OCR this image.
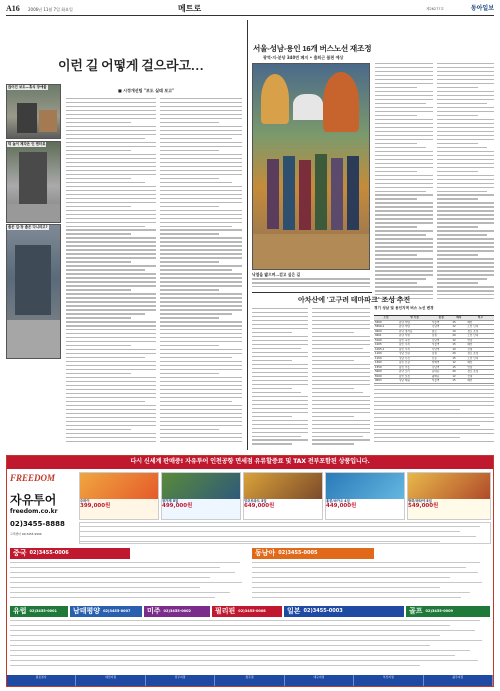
A16	2006년 11월 7일 화요일	메트로	제26277호	동아일보
이런 길 어떻게 걸으라고…
■ 시정개선팀 "보도 실태 보고"
끊어진 보도—휴식 장애물
턱 높이 제각은 인 엔터로
좁은 길·장 좁은 다니라고?
서울-성남-용인 16개 버스노선 재조정
광역·지-분당 340번 폐지 • 출퇴근 불편 예상
낙엽을 밟으며…걷고 싶은 길
경기 성남 및 용인지역 버스 노선 변경
노선	현 기점	종점	배차	비고
5500	분당 야탑	서울역	15	폐선
5500-1	분당 야탑	강남역	12	노선 단축
9400	분당 정자동	종로	10	경로 조정
9401	분당 서현	잠실	20	노선 단축
5100	용인 죽전	강남역	12	연장
1005	용인 수지	서울역	15	폐선
1005-1	용인 수지	사당역	10	신설
1100	성남 모란	잠실	20	경로 조정
1150	성남 수진	신촌	15	노선 단축
1500	용인 신갈	양재역	12	폐선
1550	용인 기흥	강남역	15	연장
5600	분당 오리	동대문	20	경로 조정
8100	용인 보정	광화문	12	신설
9003	성남 태평	서울역	15	폐선
아차산에 '고구려 테마파크' 조성 추진
다시 신세계 판매중! 자유투어 인천공항 면세점 유류할증료 및 TAX 전부포함된 상품입니다.
FREEDOM
자유투어
freedom.co.kr
02)3455-8888
고객센터 02)3455-9999
주하이
399,000원
장가계 5일
499,000원
앙코르와트 5일
649,000원
홍콩/마카오 4일
449,000원
방콕/파타야 5일
549,000원
중국 02)3455-0006	동남아 02)3455-0005
유럽 02)3455-0001 남태평양 02)3455-0007 미주 02)3455-0002	필리핀 02)3455-0008	일본 02)3455-0003	골프 02)3455-0009
종로본사	대전지점	전주지점	청주점	대구지점	부산지점	광주지점
